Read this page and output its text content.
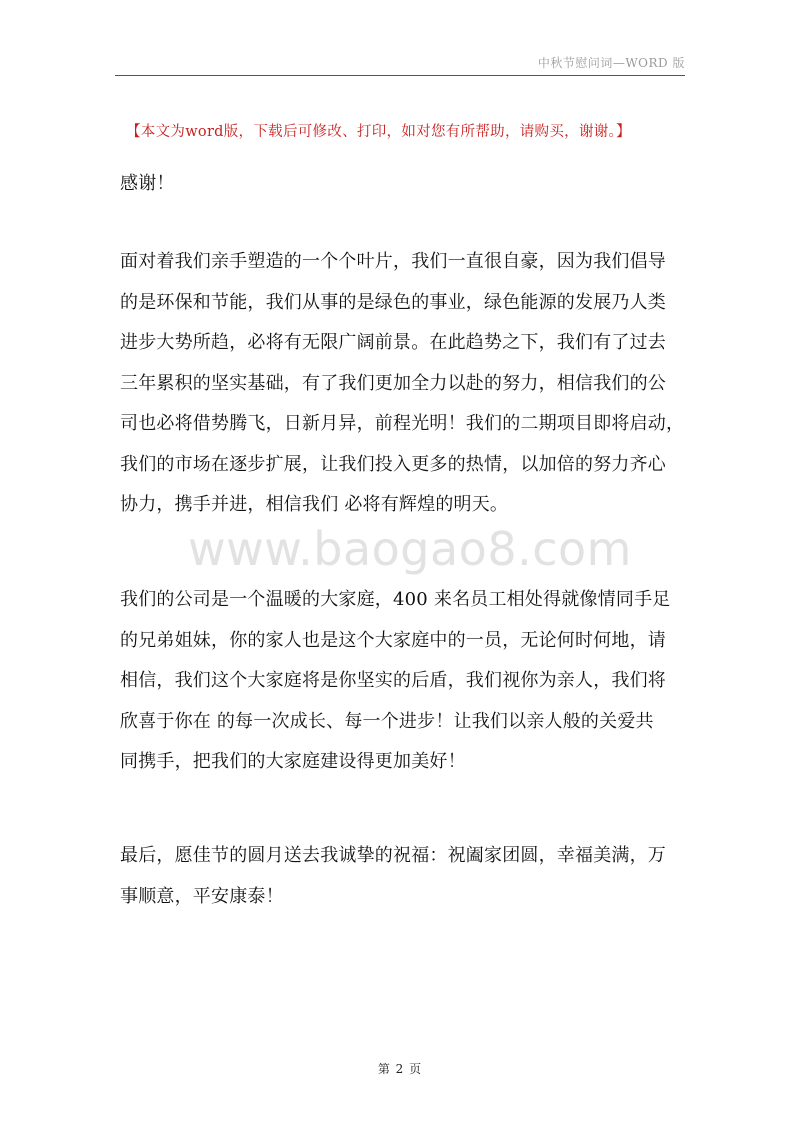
中秋节慰问词—WORD 版
【本文为word版，下载后可修改、打印，如对您有所帮助，请购买，谢谢。】
www.baogao8.com

感谢！

面对着我们亲手塑造的一个个叶片，我们一直很自豪，因为我们倡导
的是环保和节能，我们从事的是绿色的事业，绿色能源的发展乃人类
进步大势所趋，必将有无限广阔前景。在此趋势之下，我们有了过去
三年累积的坚实基础，有了我们更加全力以赴的努力，相信我们的公
司也必将借势腾飞，日新月异，前程光明！我们的二期项目即将启动，
我们的市场在逐步扩展，让我们投入更多的热情，以加倍的努力齐心
协力，携手并进，相信我们 必将有辉煌的明天。

我们的公司是一个温暖的大家庭，400 来名员工相处得就像情同手足
的兄弟姐妹，你的家人也是这个大家庭中的一员，无论何时何地，请
相信，我们这个大家庭将是你坚实的后盾，我们视你为亲人，我们将
欣喜于你在 的每一次成长、每一个进步！让我们以亲人般的关爱共
同携手，把我们的大家庭建设得更加美好！

最后，愿佳节的圆月送去我诚挚的祝福：祝阖家团圆，幸福美满，万
事顺意，平安康泰！

第 2 页
